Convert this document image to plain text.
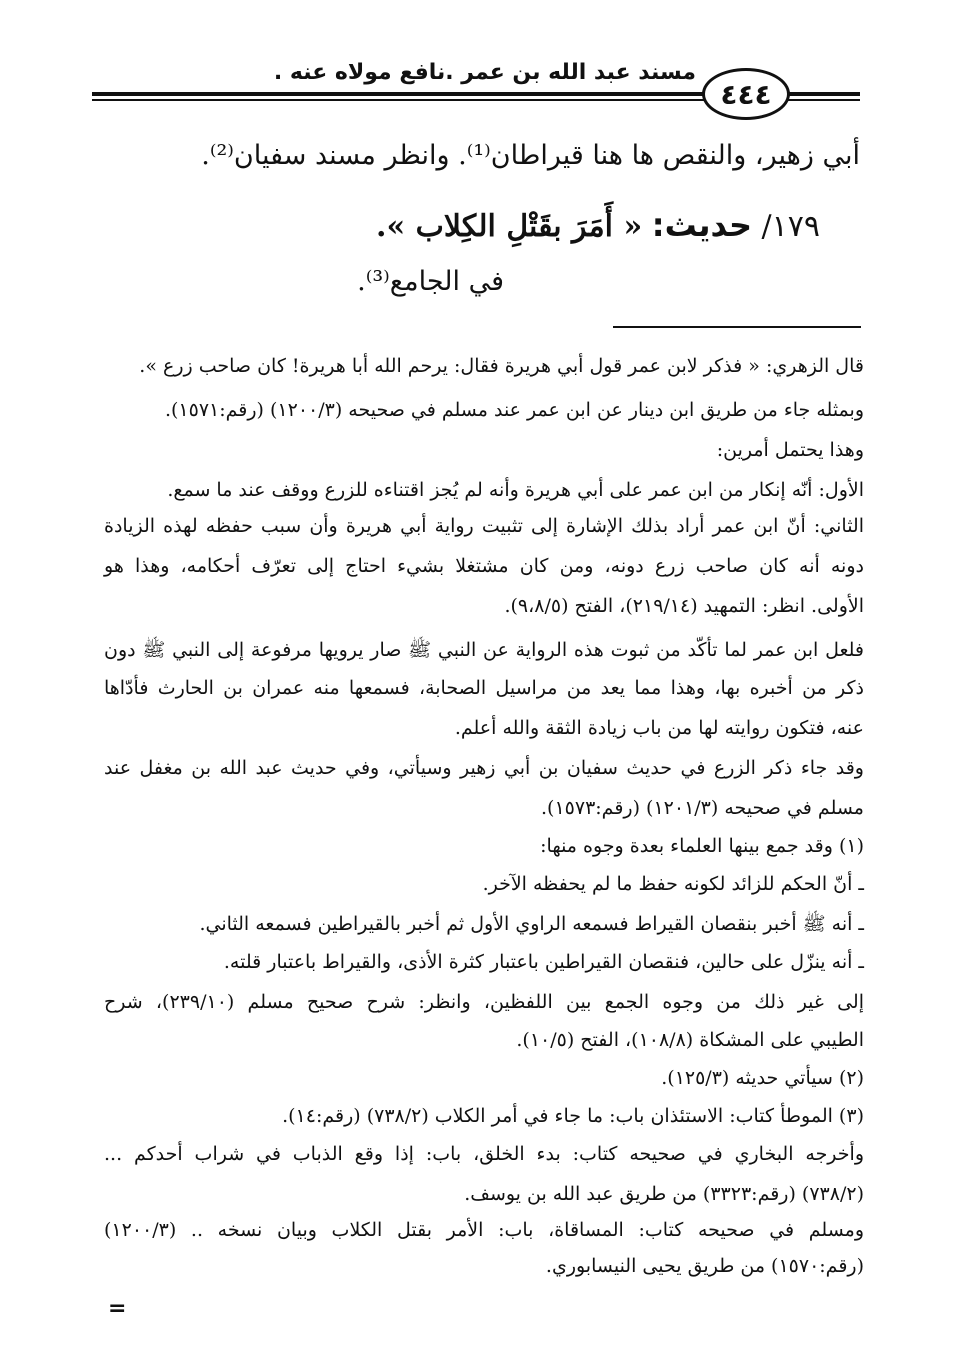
٤٤٤
مسند عبد الله بن عمر .نافع مولاه عنه .
أبي زهير، والنقص ها هنا قيراطان⁽¹⁾. وانظر مسند سفيان⁽²⁾.
١٧٩/ حديث: « أَمَرَ بقَتْلِ الكِلاب ».
في الجامع⁽³⁾.
قال الزهري: « فذكر لابن عمر قول أبي هريرة فقال: يرحم الله أبا هريرة! كان صاحب زرع ».
وبمثله جاء من طريق ابن دينار عن ابن عمر عند مسلم في صحيحه (١٢٠٠/٣) (رقم:١٥٧١).
وهذا يحتمل أمرين:
الأول: أنّه إنكار من ابن عمر على أبي هريرة وأنه لم يُجز اقتناءه للزرع ووقف عند ما سمع.
الثاني: أنّ ابن عمر أراد بذلك الإشارة إلى تثبيت رواية أبي هريرة وأن سبب حفظه لهذه الزيادة
دونه أنه كان صاحب زرع دونه، ومن كان مشتغلا بشيء احتاج إلى تعرّف أحكامه، وهذا هو
الأولى. انظر: التمهيد (٢١٩/١٤)، الفتح (٩،٨/٥).
فلعل ابن عمر لما تأكّد من ثبوت هذه الرواية عن النبي ﷺ صار يرويها مرفوعة إلى النبي ﷺ دون
ذكر من أخبره بها، وهذا مما يعد من مراسيل الصحابة، فسمعها منه عمران بن الحارث فأدّاها
عنه، فتكون روايته لها من باب زيادة الثقة والله أعلم.
وقد جاء ذكر الزرع في حديث سفيان بن أبي زهير وسيأتي، وفي حديث عبد الله بن مغفل عند
مسلم في صحيحه (١٢٠١/٣) (رقم:١٥٧٣).
(١) وقد جمع بينها العلماء بعدة وجوه منها:
ـ أنّ الحكم للزائد لكونه حفظ ما لم يحفظه الآخر.
ـ أنه ﷺ أخبر بنقصان القيراط فسمعه الراوي الأول ثم أخبر بالقيراطين فسمعه الثاني.
ـ أنه ينزّل على حالين، فنقصان القيراطين باعتبار كثرة الأذى، والقيراط باعتبار قلته.
إلى غير ذلك من وجوه الجمع بين اللفظين، وانظر: شرح صحيح مسلم (٢٣٩/١٠)، شرح
الطيبي على المشكاة (١٠٨/٨)، الفتح (١٠/٥).
(٢) سيأتي حديثه (١٢٥/٣).
(٣) الموطأ كتاب: الاستئذان باب: ما جاء في أمر الكلاب (٧٣٨/٢) (رقم:١٤).
وأخرجه البخاري في صحيحه كتاب: بدء الخلق، باب: إذا وقع الذباب في شراب أحدكم ...
(٧٣٨/٢) (رقم:٣٣٢٣) من طريق عبد الله بن يوسف.
ومسلم في صحيحه كتاب: المساقاة، باب: الأمر بقتل الكلاب وبيان نسخه .. (١٢٠٠/٣)
(رقم:١٥٧٠) من طريق يحيى النيسابوري.
=
